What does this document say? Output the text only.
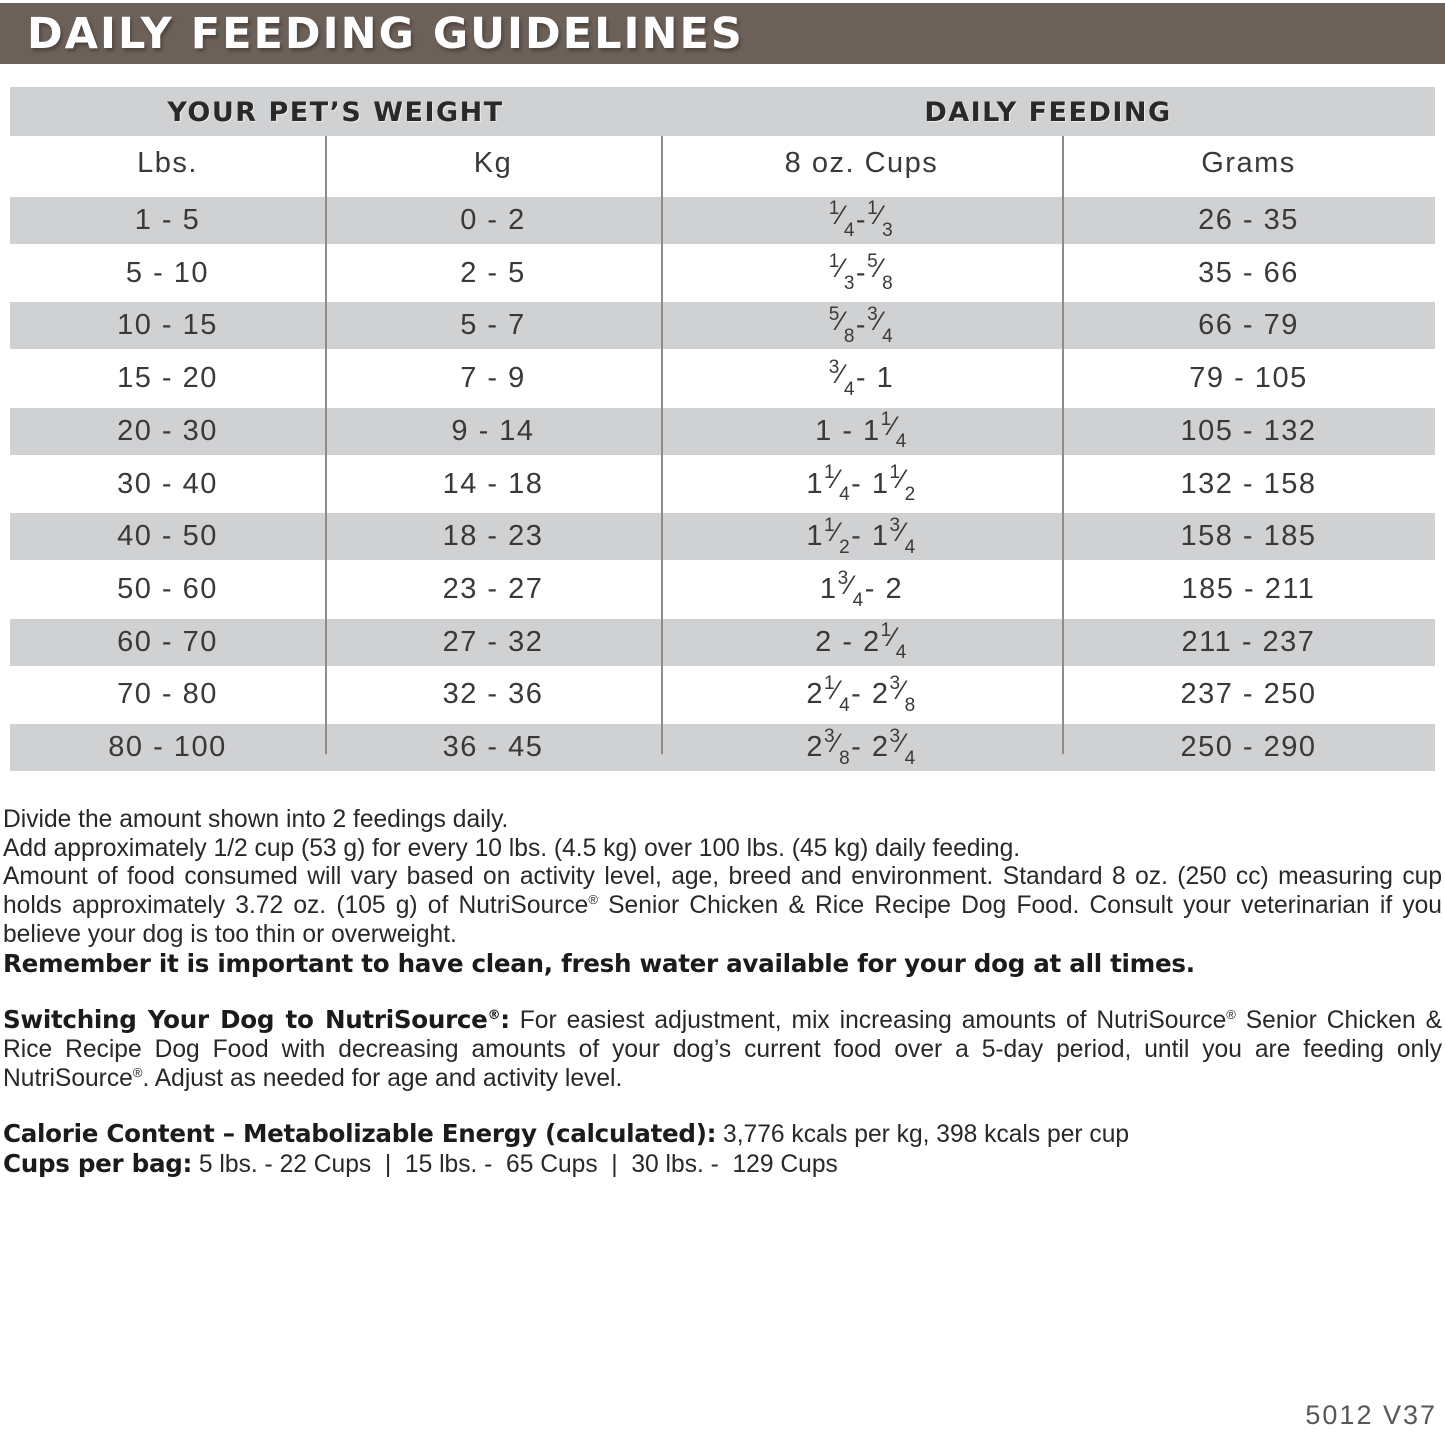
DAILY FEEDING GUIDELINES
YOUR PET’S WEIGHT	DAILY FEEDING
Lbs.	Kg	8 oz. Cups	Grams
1 - 5	0 - 2	$^1⁄_4$ - $^1⁄_3$	26 - 35
5 - 10	2 - 5	$^1⁄_3$ - $^5⁄_8$	35 - 66
10 - 15	5 - 7	$^5⁄_8$ - $^3⁄_4$	66 - 79
15 - 20	7 - 9	$^3⁄_4 - 1$	79 - 105
20 - 30	9 - 14	1 - 1 $^1⁄_4$	105 - 132
30 - 40	14 - 18	1 $^1⁄_4 - 1$ $^1⁄_2$	132 - 158
40 - 50	18 - 23	1 $^1⁄_2 - 1$ $^3⁄_4$	158 - 185
50 - 60	23 - 27	1 $^3⁄_4 - 2$	185 - 211
60 - 70	27 - 32	2 - 2 $^1⁄_4$	211 - 237
70 - 80	32 - 36	2 $^1⁄_4 - 2$ $^3⁄_8$	237 - 250
80 - 100	36 - 45	2 $^3⁄_8 - 2$ $^3⁄_4$	250 - 290

Divide the amount shown into 2 feedings daily.

Add approximately 1/2 cup (53 g) for every 10 lbs. (4.5 kg) over 100 lbs. (45 kg) daily feeding.

Amount of food consumed will vary based on activity level, age, breed and environment. Standard 8 oz. (250 cc) measuring cup holds approximately 3.72 oz. (105 g) of NutriSource® Senior Chicken & Rice Recipe Dog Food. Consult your veterinarian if you believe your dog is too thin or overweight.

Remember it is important to have clean, fresh water available for your dog at all times.

Switching Your Dog to NutriSource®: For easiest adjustment, mix increasing amounts of NutriSource® Senior Chicken & Rice Recipe Dog Food with decreasing amounts of your dog’s current food over a 5-day period, until you are feeding only NutriSource®. Adjust as needed for age and activity level.

Calorie Content – Metabolizable Energy (calculated): 3,776 kcals per kg, 398 kcals per cup

Cups per bag: 5 lbs. - 22 Cups  |  15 lbs. -  65 Cups  |  30 lbs. -  129 Cups

5012 V37
